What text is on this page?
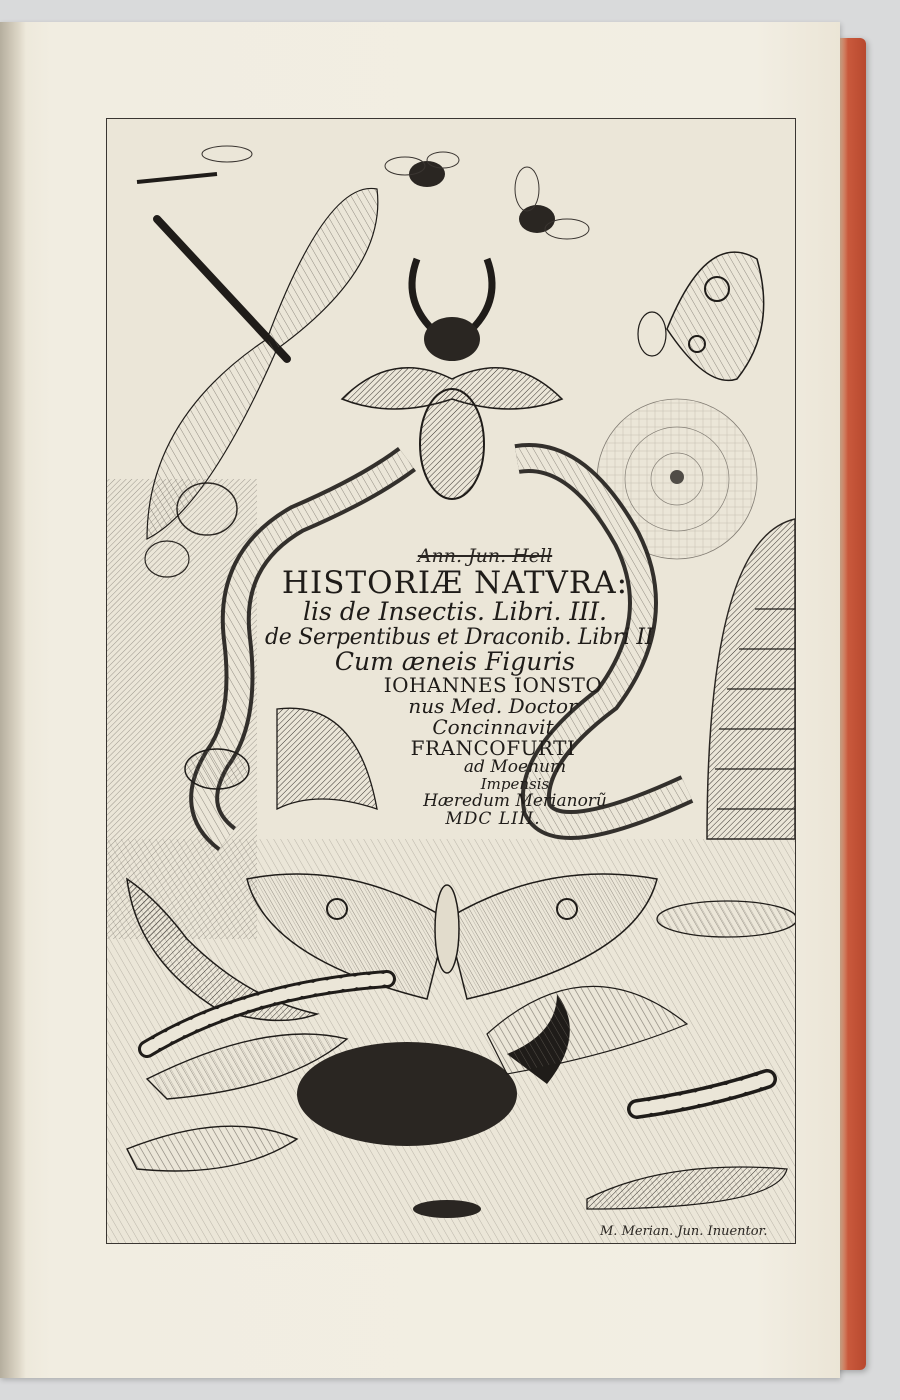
Ann. Jun. Hell
HISTORIÆ NATVRA:
lis de Insectis. Libri. III.
de Serpentibus et Draconib. Libri II
Cum æneis Figuris
IOHANNES IONSTO
nus Med. Doctor
Concinnavit
FRANCOFURTI
ad Moenum
Impensis
Hæredum Merianorũ
MDC LIII.
M. Merian. Jun. Inuentor.
